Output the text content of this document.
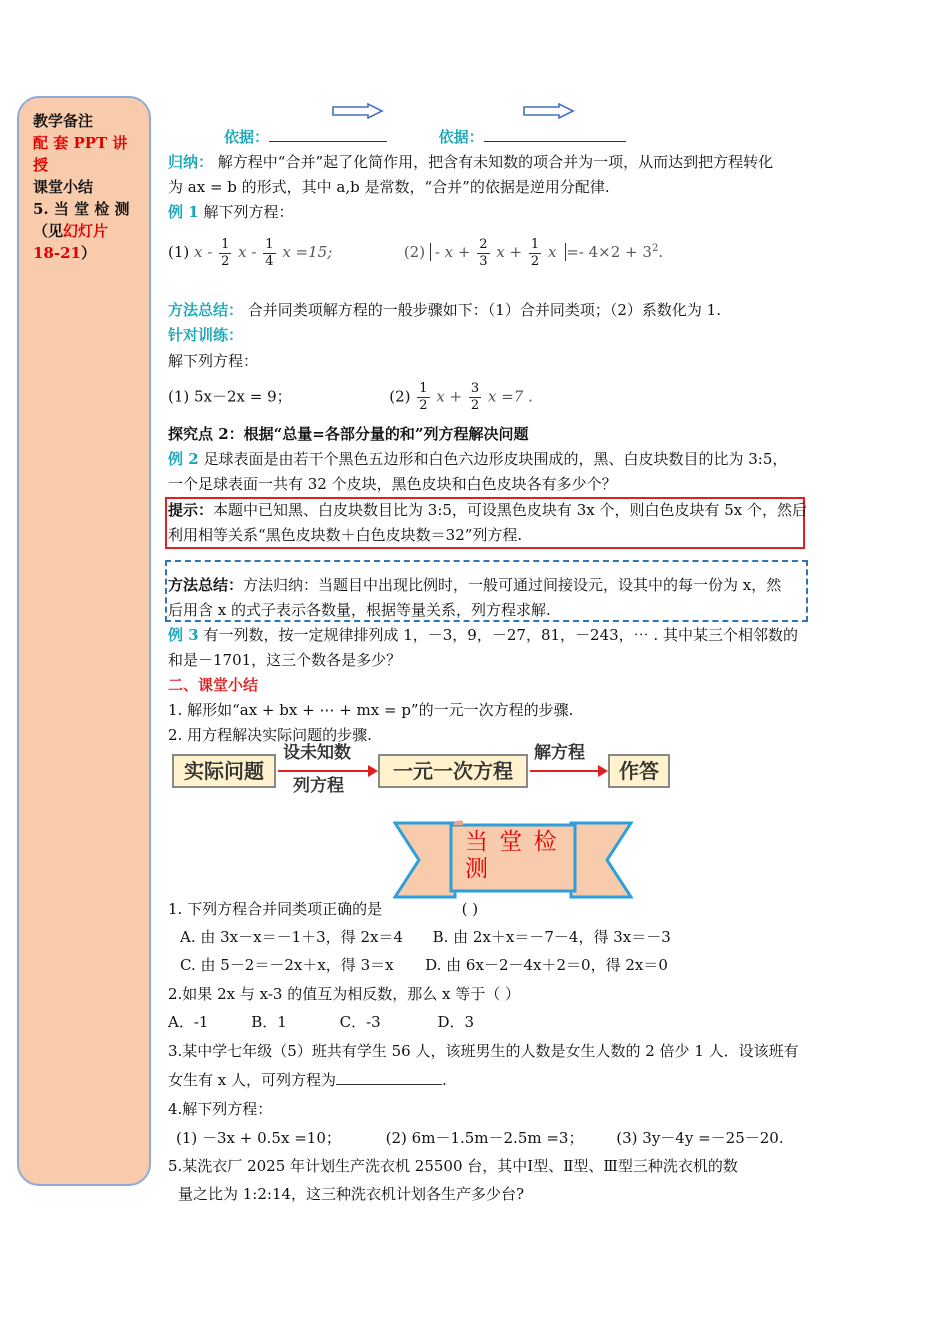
教学备注
配 套 PPT 讲授
课堂小结
5. 当 堂 检 测
（见幻灯片 18-21）
依据：	依据：
归纳： 解方程中“合并”起了化简作用，把含有未知数的项合并为一项，从而达到把方程转化
为 ax = b 的形式，其中 a,b 是常数，“合并”的依据是逆用分配律.
例 1 解下列方程：
(1) x - $\frac{1}{2}$ x - $\frac{1}{4}$ x =15;	$(2) - x + \frac{2}{3}$ $x + \frac{1}{2}$ $x =- 4\times 2 + 3^2$.
方法总结： 合并同类项解方程的一般步骤如下：（1）合并同类项；（2）系数化为 1.
针对训练：
解下列方程：
(1) 5x－2x = 9；	$(2) \frac{1}{2}$ $x + \frac{3}{2}$ x =7 .
探究点 2：根据“总量=各部分量的和”列方程解决问题
例 2 足球表面是由若干个黑色五边形和白色六边形皮块围成的，黑、白皮块数目的比为 3:5，
一个足球表面一共有 32 个皮块，黑色皮块和白色皮块各有多少个？
提示：本题中已知黑、白皮块数目比为 3:5，可设黑色皮块有 3x 个，则白色皮块有 5x 个，然后
利用相等关系“黑色皮块数＋白色皮块数＝32”列方程.
方法总结：方法归纳：当题目中出现比例时，一般可通过间接设元，设其中的每一份为 x，然
后用含 x 的式子表示各数量，根据等量关系，列方程求解.
例 3 有一列数，按一定规律排列成 1，－3，9，－27，81，－243，⋯ . 其中某三个相邻数的
和是－1701，这三个数各是多少？
二、课堂小结
1. 解形如“ax + bx + ⋯ + mx = p”的一元一次方程的步骤.
2. 用方程解决实际问题的步骤.
实际问题
设未知数
列方程
一元一次方程
解方程
作答
当 堂 检
测
1. 下列方程合并同类项正确的是	( )
A. 由 3x－x＝－1＋3，得 2x＝4 B. 由 2x＋x＝－7－4，得 3x＝－3
C. 由 5－2＝－2x＋x，得 3＝x D. 由 6x－2－4x＋2＝0，得 2x＝0
2.如果 2x 与 x-3 的值互为相反数，那么 x 等于（ ）
A．-1	B．1	C．-3	D．3
3.某中学七年级（5）班共有学生 56 人，该班男生的人数是女生人数的 2 倍少 1 人．设该班有
女生有 x 人，可列方程为	.
4.解下列方程：
(1) －3x + 0.5x =10；	(2) 6m－1.5m－2.5m =3； (3) 3y－4y =－25－20.
5.某洗衣厂 2025 年计划生产洗衣机 25500 台，其中Ⅰ型、Ⅱ型、Ⅲ型三种洗衣机的数
量之比为 1:2:14，这三种洗衣机计划各生产多少台?
